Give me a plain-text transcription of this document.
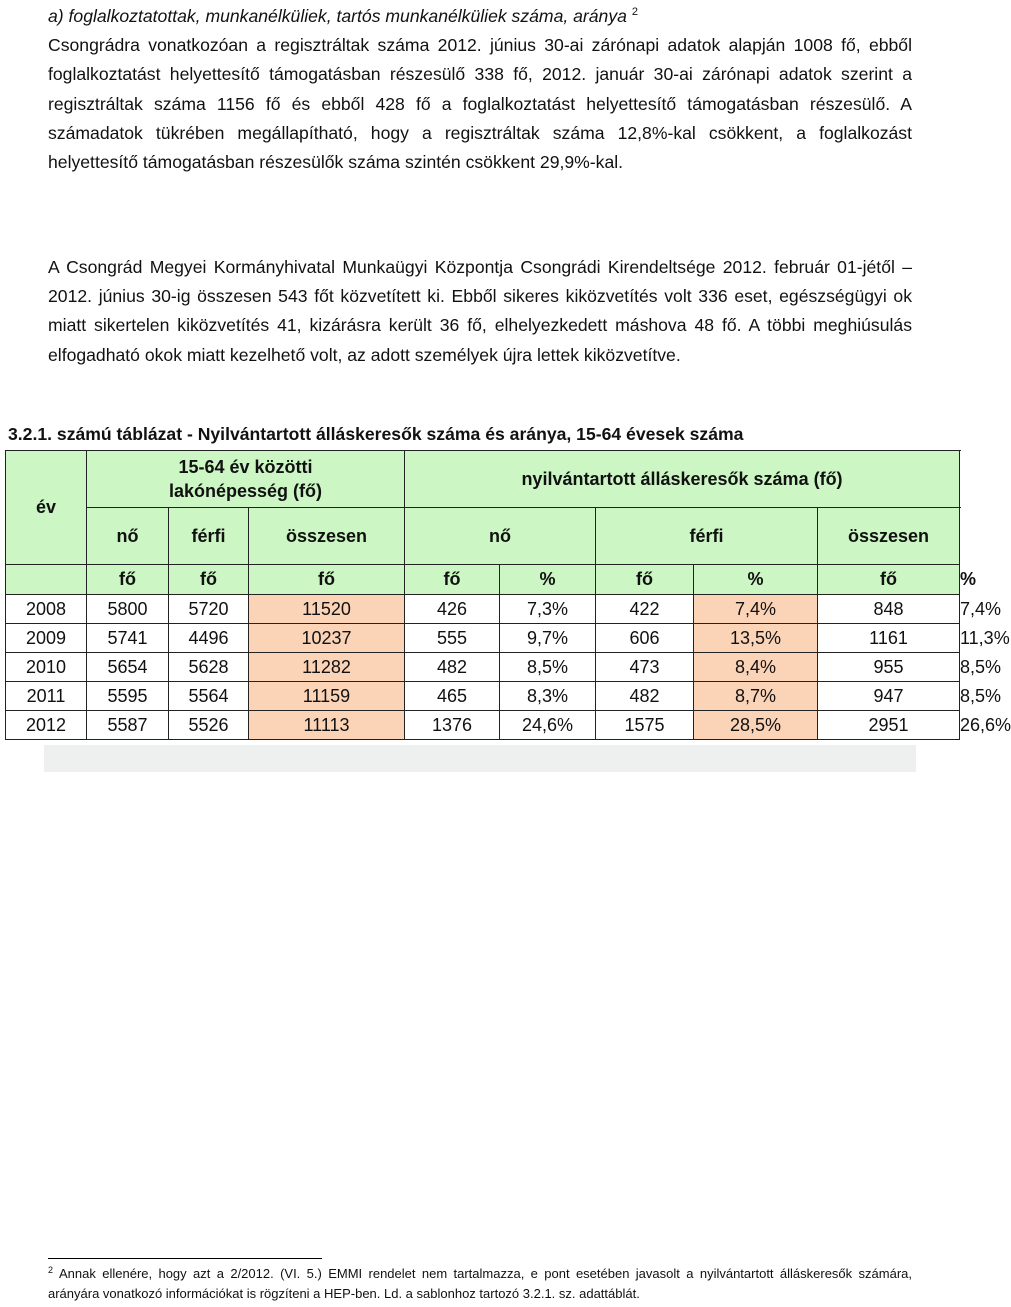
a) foglalkoztatottak, munkanélküliek, tartós munkanélküliek száma, aránya $^2$
Csongrádra vonatkozóan a regisztráltak száma 2012. június 30-ai zárónapi adatok alapján 1008 fő, ebből foglalkoztatást helyettesítő támogatásban részesülő 338 fő, 2012. január 30-ai zárónapi adatok szerint a regisztráltak száma 1156 fő és ebből 428 fő a foglalkoztatást helyettesítő támogatásban részesülő. A számadatok tükrében megállapítható, hogy a regisztráltak száma 12,8%-kal csökkent, a foglalkozást helyettesítő támogatásban részesülők száma szintén csökkent 29,9%-kal.

A Csongrád Megyei Kormányhivatal Munkaügyi Központja Csongrádi Kirendeltsége 2012. február 01-jétől – 2012. június 30-ig összesen 543 főt közvetített ki. Ebből sikeres kiközvetítés volt 336 eset, egészségügyi ok miatt sikertelen kiközvetítés 41, kizárásra került 36 fő, elhelyezkedett máshova 48 fő. A többi meghiúsulás elfogadható okok miatt kezelhető volt, az adott személyek újra lettek kiközvetítve.

3.2.1. számú táblázat - Nyilvántartott álláskeresők száma és aránya, 15-64 évesek száma

év	15-64 év közötti lakónépesség (fő)			nyilvántartott álláskeresők száma (fő)					
	nő	férfi	összesen	nő		férfi		összesen	
	fő	fő	fő	fő	%	fő	%	fő	%
2008	5800	5720	11520	426	7,3%	422	7,4%	848	7,4%
2009	5741	4496	10237	555	9,7%	606	13,5%	1161	11,3%
2010	5654	5628	11282	482	8,5%	473	8,4%	955	8,5%
2011	5595	5564	11159	465	8,3%	482	8,7%	947	8,5%
2012	5587	5526	11113	1376	24,6%	1575	28,5%	2951	26,6%

$^2$ Annak ellenére, hogy azt a 2/2012. (VI. 5.) EMMI rendelet nem tartalmazza, e pont esetében javasolt a nyilvántartott álláskeresők számára, arányára vonatkozó információkat is rögzíteni a HEP-ben. Ld. a sablonhoz tartozó 3.2.1. sz. adattáblát.
